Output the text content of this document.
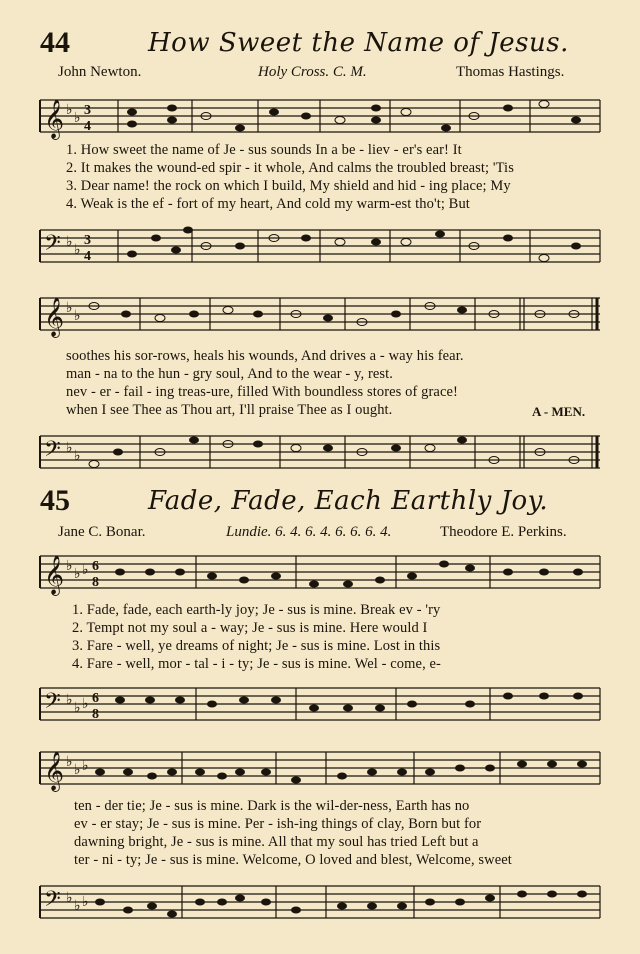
44	How Sweet the Name of Jesus.
John Newton.	Holy Cross. C. M.	Thomas Hastings.
𝄞 ♭ ♭ 3
4
1. How sweet the name of Je - sus sounds In a be - liev - er's ear! It
2. It makes the wound-ed spir - it whole, And calms the troubled breast; 'Tis
3. Dear name! the rock on which I build, My shield and hid - ing place; My
4. Weak is the ef - fort of my heart, And cold my warm-est tho't; But
𝄢 ♭ ♭
3
4
𝄞 ♭ ♭
soothes his sor-rows, heals his wounds, And drives a - way his fear.
man - na to the hun - gry soul, And to the wear - y, rest.
nev - er - fail - ing treas-ure, filled With boundless stores of grace!
when I see Thee as Thou art, I'll praise Thee as I ought.	A - MEN.
𝄢 ♭ ♭
45	Fade, Fade, Each Earthly Joy.
Jane C. Bonar.	Lundie. 6. 4. 6. 4. 6. 6. 6. 4.	Theodore E. Perkins.
𝄞 ♭ ♭ ♭ 6
8
1. Fade, fade, each earth-ly joy; Je - sus is mine. Break ev - 'ry
2. Tempt not my soul a - way; Je - sus is mine. Here would I
3. Fare - well, ye dreams of night; Je - sus is mine. Lost in this
4. Fare - well, mor - tal - i - ty; Je - sus is mine. Wel - come, e-
𝄢 ♭ ♭ ♭ 6
8
𝄞 ♭ ♭ ♭
ten - der tie; Je - sus is mine. Dark is the wil-der-ness, Earth has no
ev - er stay; Je - sus is mine. Per - ish-ing things of clay, Born but for
dawning bright, Je - sus is mine. All that my soul has tried Left but a
ter - ni - ty; Je - sus is mine. Welcome, O loved and blest, Welcome, sweet
𝄢 ♭ ♭ ♭
